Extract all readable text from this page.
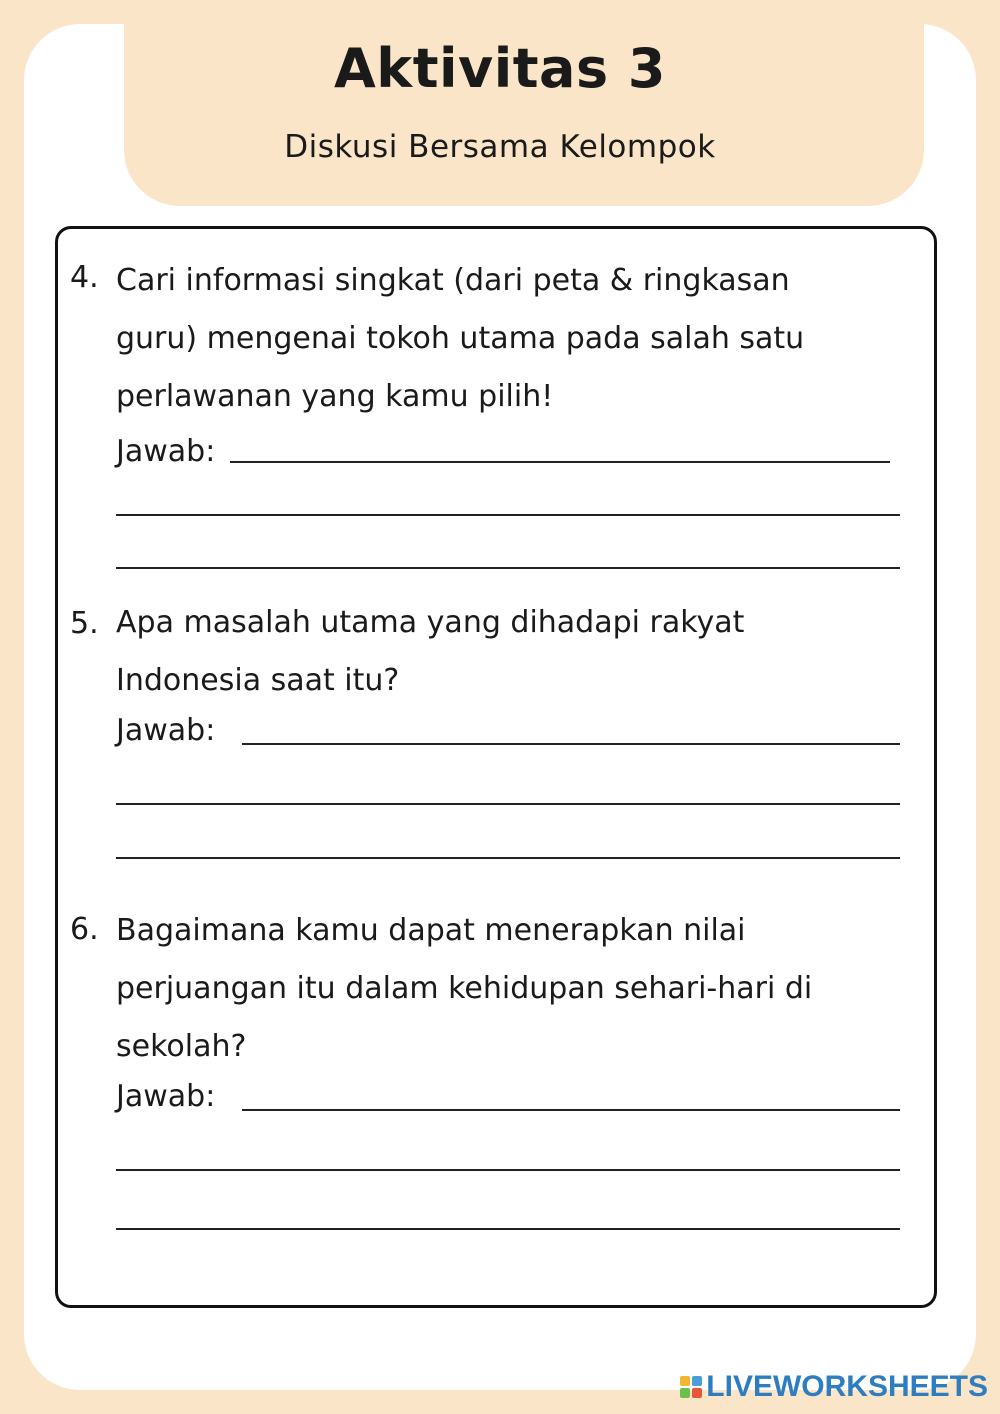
Aktivitas 3

Diskusi Bersama Kelompok

4. Cari informasi singkat (dari peta & ringkasan
guru) mengenai tokoh utama pada salah satu
perlawanan yang kamu pilih!

Jawab:
5. Apa masalah utama yang dihadapi rakyat
Indonesia saat itu?

Jawab:
6. Bagaimana kamu dapat menerapkan nilai
perjuangan itu dalam kehidupan sehari-hari di
sekolah?

Jawab:
LIVEWORKSHEETS
